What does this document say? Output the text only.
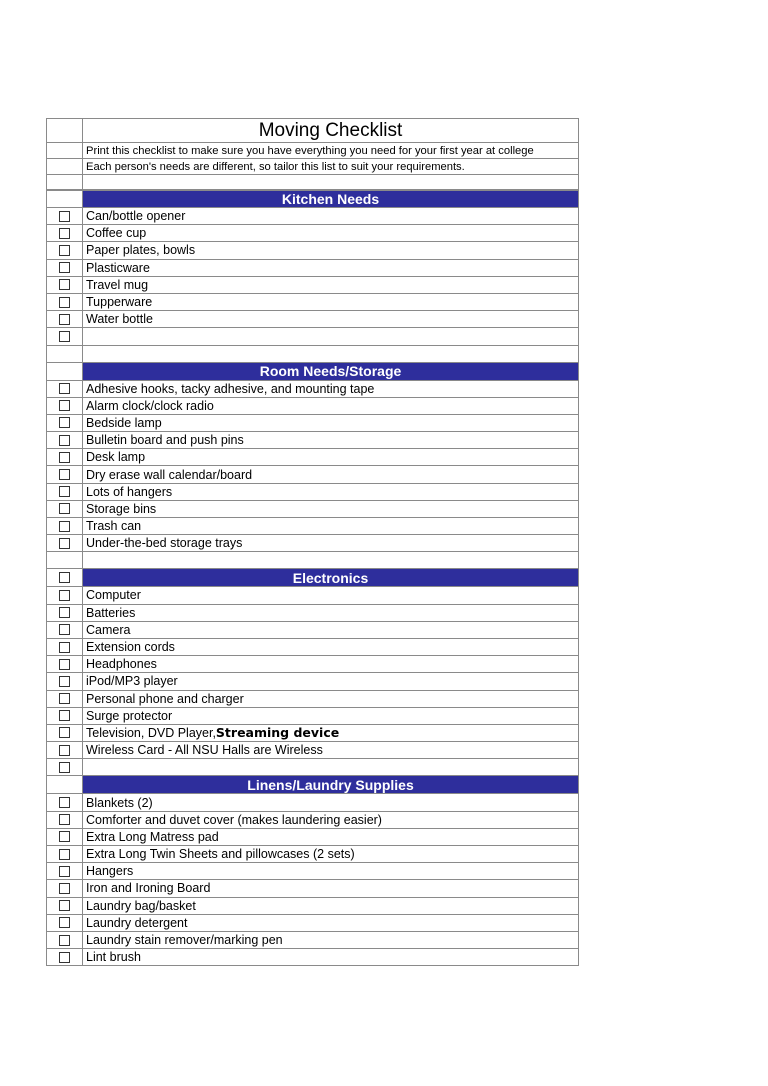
Moving Checklist
Print this checklist to make sure you have everything you need for your first year at college
Each person's needs are different, so tailor this list to suit your requirements.
Kitchen Needs
Can/bottle opener
Coffee cup
Paper plates, bowls
Plasticware
Travel mug
Tupperware
Water bottle
Room Needs/Storage
Adhesive hooks, tacky adhesive, and mounting tape
Alarm clock/clock radio
Bedside lamp
Bulletin board and push pins
Desk lamp
Dry erase wall calendar/board
Lots of hangers
Storage bins
Trash can
Under-the-bed storage trays
Electronics
Computer
Batteries
Camera
Extension cords
Headphones
iPod/MP3 player
Personal phone and charger
Surge protector
Television, DVD Player, Streaming device
Wireless Card - All NSU Halls are Wireless
Linens/Laundry Supplies
Blankets (2)
Comforter and duvet cover (makes laundering easier)
Extra Long Matress pad
Extra Long Twin Sheets and pillowcases (2 sets)
Hangers
Iron and Ironing Board
Laundry bag/basket
Laundry detergent
Laundry stain remover/marking pen
Lint brush
